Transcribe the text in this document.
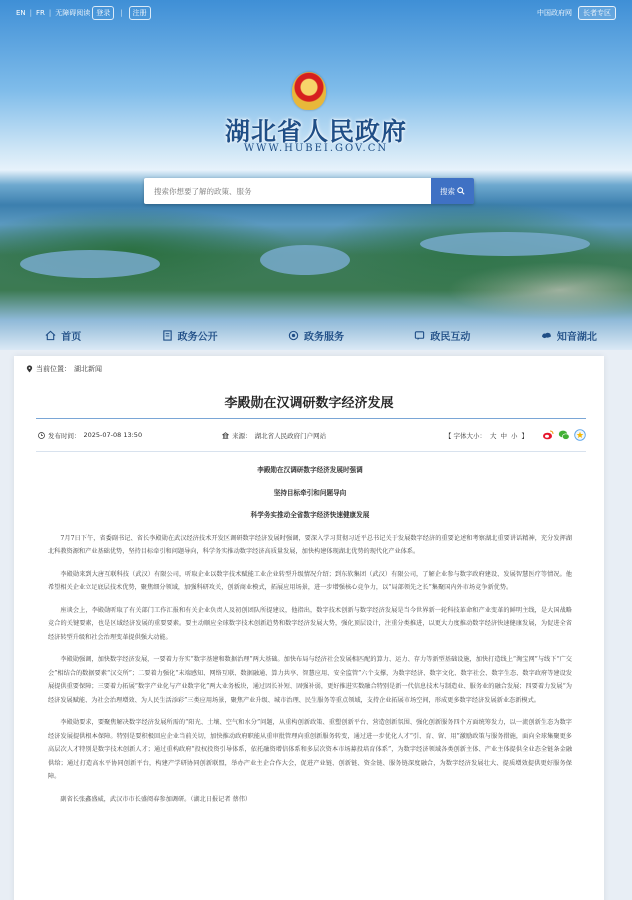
EN | FR | 无障碍阅读 登录	|	注册	中国政府网	长者专区
湖北省人民政府
WWW.HUBEI.GOV.CN
搜索你想要了解的政策、服务
搜索
首页	政务公开	政务服务	政民互动	知音湖北
当前位置： 湖北新闻
李殿勋在汉调研数字经济发展
发布时间： 2025-07-08 13:50	来源： 湖北省人民政府门户网站	【 字体大小： 大 中 小 】
李殿勋在汉调研数字经济发展时强调
坚持目标牵引和问题导向
科学务实推动全省数字经济快速健康发展

7月7日下午，省委副书记、省长李殿勋在武汉经济技术开发区调研数字经济发展时强调，要深入学习贯彻习近平总书记关于发展数字经济的重要论述和考察湖北重要讲话精神，充分发挥湖北科教资源和产业基础优势，坚持目标牵引和问题导向，科学务实推动数字经济高质量发展，加快构建体现湖北优势的现代化产业体系。

李殿勋来到大唐互联科技（武汉）有限公司，听取企业以数字技术赋能工业企业转型升级情况介绍；到东软集团（武汉）有限公司，了解企业参与数字政府建设、发展智慧医疗等情况。他希望相关企业立足底层技术优势，聚焦细分领域，加强科研攻关，创新商业模式，拓展应用场景，进一步增强核心竞争力，以“局部领先之长”集聚国内外市场竞争新优势。

座谈会上，李殿勋听取了有关部门工作汇报和有关企业负责人及初创团队所提建议，他指出，数字技术创新与数字经济发展是当今世界新一轮科技革命和产业变革的鲜明主线，是大国战略竞合的关键要素，也是区域经济发展的重要要素。要主动顺应全球数字技术创新趋势和数字经济发展大势，强化顶层设计，注重分类推进，以更大力度推动数字经济快速健康发展，为促进全省经济转型升级和社会治理变革提供强大动能。

李殿勋强调，加快数字经济发展，一要着力夯实“数字基建和数据治理”两大基础。加快布局与经济社会发展相匹配的算力、运力、存力等新型基础设施，加快打造线上“淘宝网”与线下“广交会”相结合的数据要素“汉交所”；二要着力强化“末端感知、网络互联、数据融通、算力共享、智慧应用、安全监管”六个支撑，为数字经济、数字文化、数字社会、数字生态、数字政府等建设发展提供重要保障；三要着力拓展“数字产业化与产业数字化”两大业务板块，通过因长补短、固强补弱，更好推进实数融合特别是新一代信息技术与制造业、服务业的融合发展；四要着力发展“为经济发展赋能、为社会治理增效、为人民生活添彩”三类应用场景，聚焦产业升级、城市治理、民生服务等重点领域，支持企业拓展市场空间，形成更多数字经济发展新业态新模式。

李殿勋要求，要聚焦解决数字经济发展所需的“阳光、土壤、空气和水分”问题，从重构创新政策、重塑创新平台、营造创新氛围、强化创新服务四个方面统筹发力，以一流创新生态为数字经济发展提供根本保障。特别是要积极回应企业当前关切，加快推动政府职能从重审批管理向重创新服务转变，通过进一步优化人才“引、育、留、用”激励政策与服务措施，面向全球集聚更多高层次人才特别是数字技术创新人才；通过重构政府“投权投资引导体系，依托融资增信体系和多层次资本市场募投培育体系”，为数字经济领域各类创新主体、产业主体提供全业态全链条金融供给；通过打造高水平协同创新平台，构建产学研协同创新联盟，举办产业主企合作大会，促进产业链、创新链、资金链、服务链深度融合，为数字经济发展壮大、提质增效提供更好服务保障。

副省长张鑫盛威，武汉市市长盛阅春参加调研。（湖北日报记者 蔡伟）
